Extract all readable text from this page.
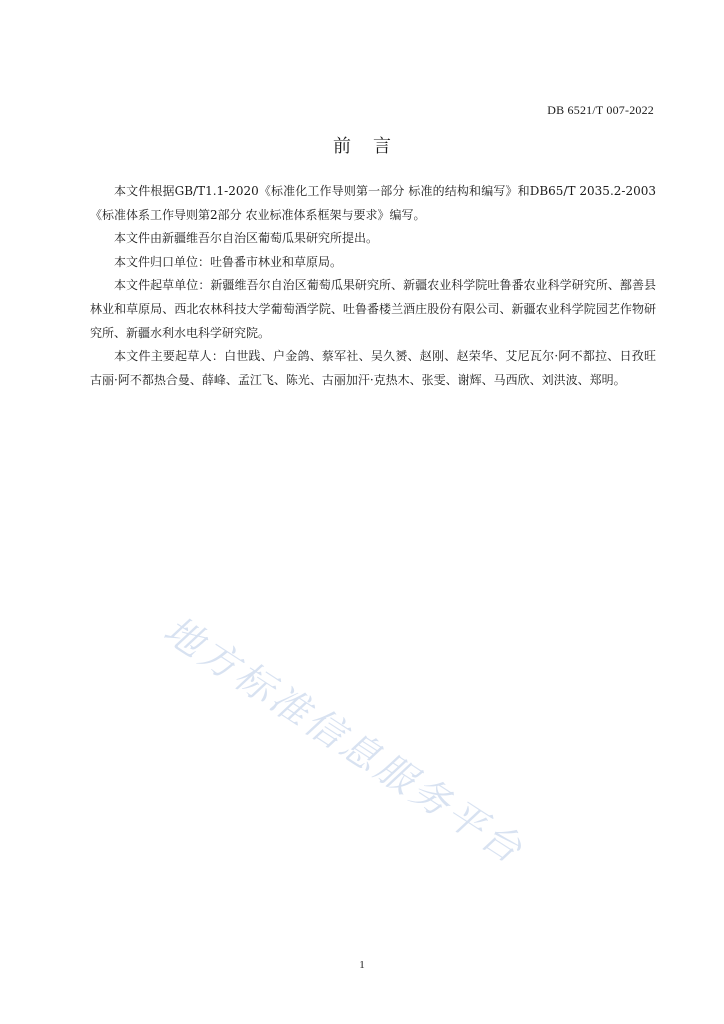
DB 6521/T 007-2022
前言

本文件根据GB/T1.1-2020《标准化工作导则第一部分 标准的结构和编写》和DB65/T 2035.2-2003《标准体系工作导则第2部分 农业标准体系框架与要求》编写。

本文件由新疆维吾尔自治区葡萄瓜果研究所提出。

本文件归口单位：吐鲁番市林业和草原局。

本文件起草单位：新疆维吾尔自治区葡萄瓜果研究所、新疆农业科学院吐鲁番农业科学研究所、鄯善县林业和草原局、西北农林科技大学葡萄酒学院、吐鲁番楼兰酒庄股份有限公司、新疆农业科学院园艺作物研究所、新疆水利水电科学研究院。

本文件主要起草人：白世践、户金鸽、蔡军社、吴久赟、赵刚、赵荣华、艾尼瓦尔·阿不都拉、日孜旺古丽·阿不都热合曼、薛峰、孟江飞、陈光、古丽加汗·克热木、张雯、谢辉、马西欣、刘洪波、郑明。

地方标准信息服务平台
1
